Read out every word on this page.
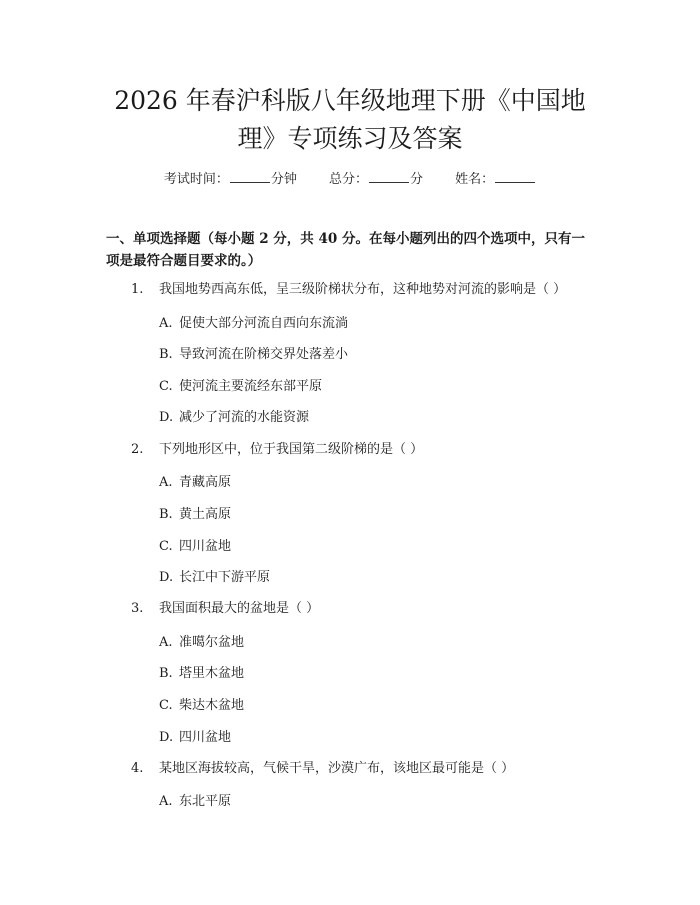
2026 年春沪科版八年级地理下册《中国地
理》专项练习及答案
考试时间：	分钟 总分：	分 姓名：

一、单项选择题（每小题 2 分，共 40 分。在每小题列出的四个选项中，只有一项是最符合题目要求的。）

1. 我国地势西高东低，呈三级阶梯状分布，这种地势对河流的影响是（ ）
A. 促使大部分河流自西向东流淌
B. 导致河流在阶梯交界处落差小
C. 使河流主要流经东部平原
D. 减少了河流的水能资源
2. 下列地形区中，位于我国第二级阶梯的是（ ）
A. 青藏高原
B. 黄土高原
C. 四川盆地
D. 长江中下游平原
3. 我国面积最大的盆地是（ ）
A. 准噶尔盆地
B. 塔里木盆地
C. 柴达木盆地
D. 四川盆地
4. 某地区海拔较高，气候干旱，沙漠广布，该地区最可能是（ ）
A. 东北平原
